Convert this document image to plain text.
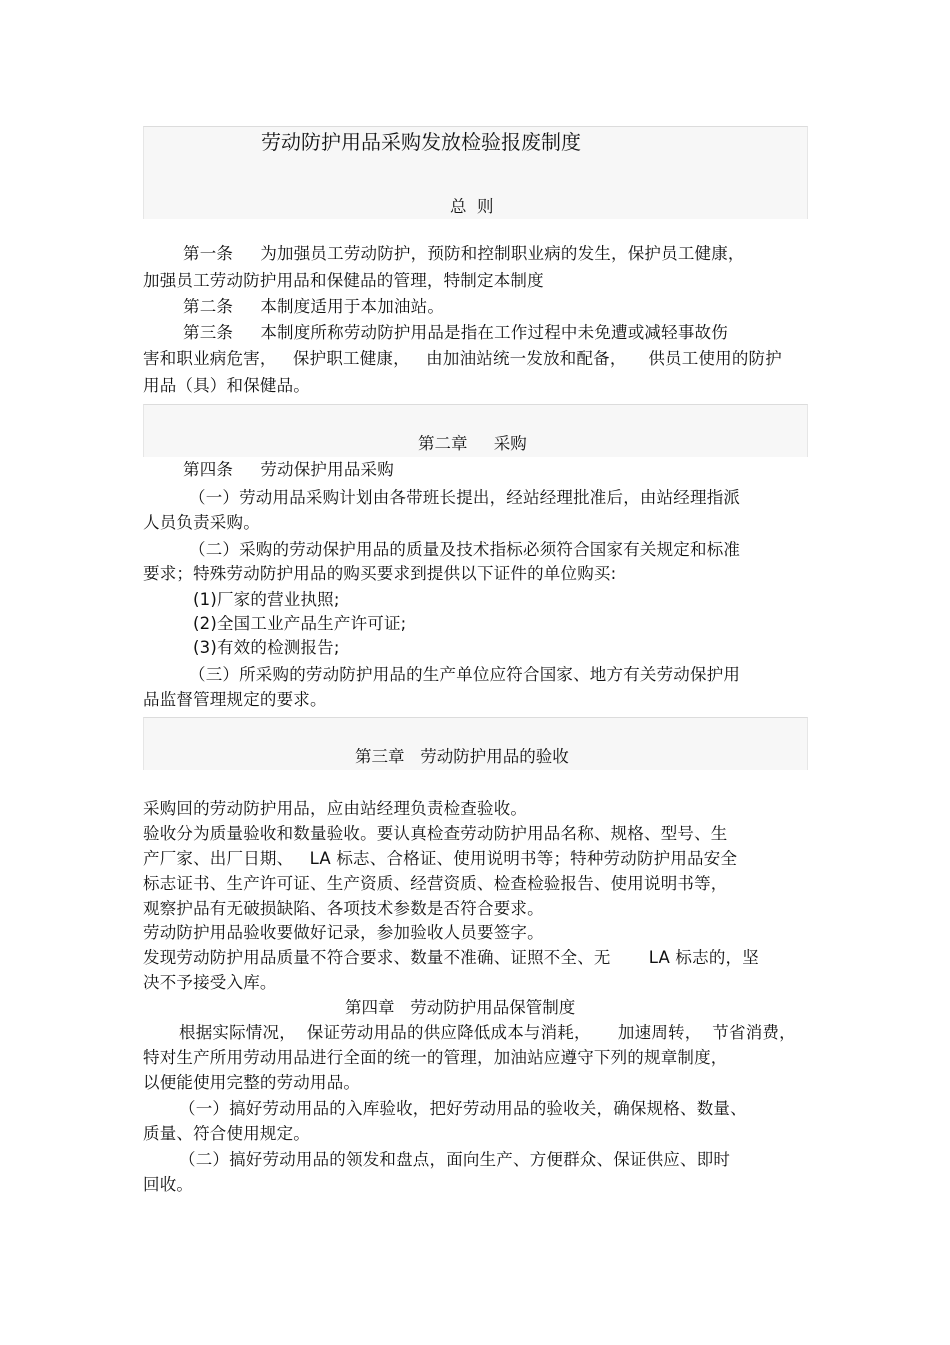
劳动防护用品采购发放检验报废制度
总  则
第一条     为加强员工劳动防护，预防和控制职业病的发生，保护员工健康，
加强员工劳动防护用品和保健品的管理，特制定本制度
第二条     本制度适用于本加油站。
第三条     本制度所称劳动防护用品是指在工作过程中未免遭或减轻事故伤
害和职业病危害，   保护职工健康，   由加油站统一发放和配备，    供员工使用的防护
用品（具）和保健品。
第二章     采购
第四条     劳动保护用品采购
（一）劳动用品采购计划由各带班长提出，经站经理批准后，由站经理指派
人员负责采购。
（二）采购的劳动保护用品的质量及技术指标必须符合国家有关规定和标准
要求；特殊劳动防护用品的购买要求到提供以下证件的单位购买:
(1)厂家的营业执照;
(2)全国工业产品生产许可证;
(3)有效的检测报告;
（三）所采购的劳动防护用品的生产单位应符合国家、地方有关劳动保护用
品监督管理规定的要求。
第三章   劳动防护用品的验收
采购回的劳动防护用品，应由站经理负责检查验收。
验收分为质量验收和数量验收。要认真检查劳动防护用品名称、规格、型号、生
产厂家、出厂日期、   LA 标志、合格证、使用说明书等；特种劳动防护用品安全
标志证书、生产许可证、生产资质、经营资质、检查检验报告、使用说明书等，
观察护品有无破损缺陷、各项技术参数是否符合要求。
劳动防护用品验收要做好记录，参加验收人员要签字。
发现劳动防护用品质量不符合要求、数量不准确、证照不全、无       LA 标志的，坚
决不予接受入库。
第四章   劳动防护用品保管制度
根据实际情况，  保证劳动用品的供应降低成本与消耗，     加速周转，  节省消费，
特对生产所用劳动用品进行全面的统一的管理，加油站应遵守下列的规章制度，
以便能使用完整的劳动用品。
（一）搞好劳动用品的入库验收，把好劳动用品的验收关，确保规格、数量、
质量、符合使用规定。
（二）搞好劳动用品的领发和盘点，面向生产、方便群众、保证供应、即时
回收。
